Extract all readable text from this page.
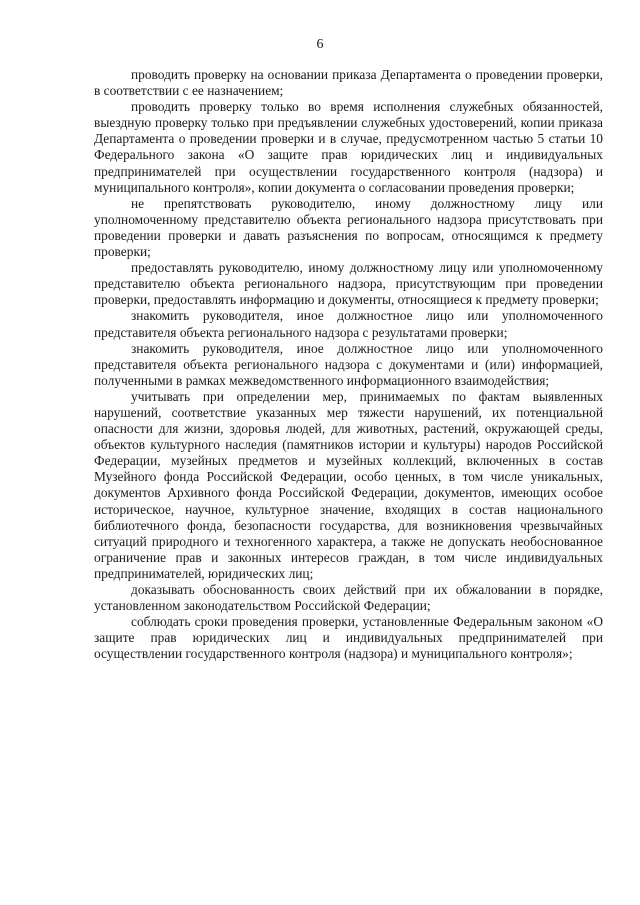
6

проводить проверку на основании приказа Департамента о проведении проверки, в соответствии с ее назначением;

проводить проверку только во время исполнения служебных обязанностей, выездную проверку только при предъявлении служебных удостоверений, копии приказа Департамента о проведении проверки и в случае, предусмотренном частью 5 статьи 10 Федерального закона «О защите прав юридических лиц и индивидуальных предпринимателей при осуществлении государственного контроля (надзора) и муниципального контроля», копии документа о согласовании проведения проверки;

не препятствовать руководителю, иному должностному лицу или уполномоченному представителю объекта регионального надзора присутствовать при проведении проверки и давать разъяснения по вопросам, относящимся к предмету проверки;

предоставлять руководителю, иному должностному лицу или уполномоченному представителю объекта регионального надзора, присутствующим при проведении проверки, предоставлять информацию и документы, относящиеся к предмету проверки;

знакомить руководителя, иное должностное лицо или уполномоченного представителя объекта регионального надзора с результатами проверки;

знакомить руководителя, иное должностное лицо или уполномоченного представителя объекта регионального надзора с документами и (или) информацией, полученными в рамках межведомственного информационного взаимодействия;

учитывать при определении мер, принимаемых по фактам выявленных нарушений, соответствие указанных мер тяжести нарушений, их потенциальной опасности для жизни, здоровья людей, для животных, растений, окружающей среды, объектов культурного наследия (памятников истории и культуры) народов Российской Федерации, музейных предметов и музейных коллекций, включенных в состав Музейного фонда Российской Федерации, особо ценных, в том числе уникальных, документов Архивного фонда Российской Федерации, документов, имеющих особое историческое, научное, культурное значение, входящих в состав национального библиотечного фонда, безопасности государства, для возникновения чрезвычайных ситуаций природного и техногенного характера, а также не допускать необоснованное ограничение прав и законных интересов граждан, в том числе индивидуальных предпринимателей, юридических лиц;

доказывать обоснованность своих действий при их обжаловании в порядке, установленном законодательством Российской Федерации;

соблюдать сроки проведения проверки, установленные Федеральным законом «О защите прав юридических лиц и индивидуальных предпринимателей при осуществлении государственного контроля (надзора) и муниципального контроля»;
